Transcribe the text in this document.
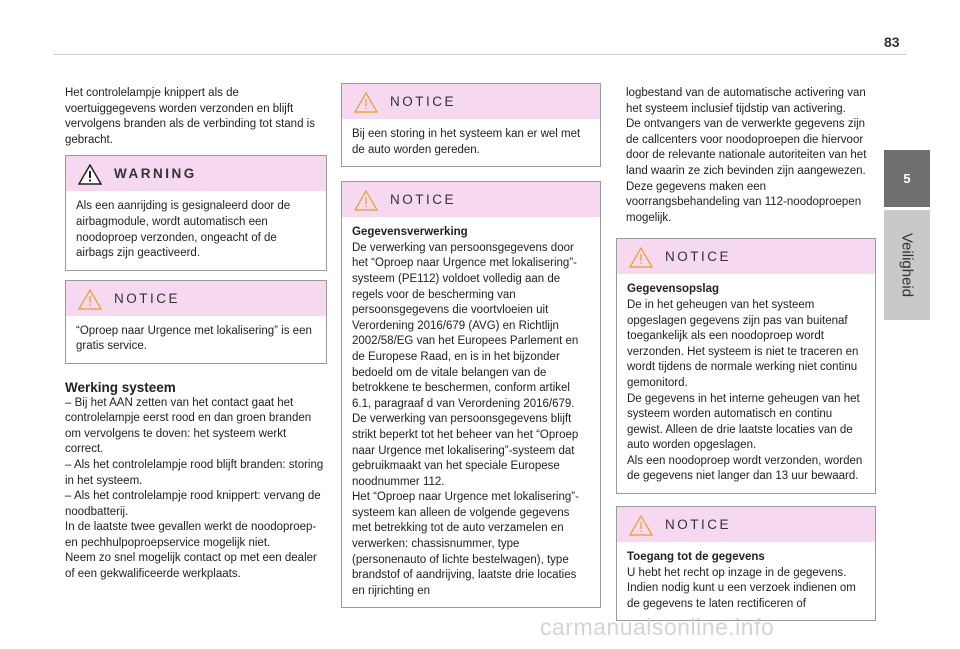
83
5
Veiligheid

Het controlelampje knippert als de voertuiggegevens worden verzonden en blijft vervolgens branden als de verbinding tot stand is gebracht.

WARNING

Als een aanrijding is gesignaleerd door de airbagmodule, wordt automatisch een noodoproep verzonden, ongeacht of de airbags zijn geactiveerd.

NOTICE

“Oproep naar Urgence met lokalisering” is een gratis service.

Werking systeem

– Bij het AAN zetten van het contact gaat het controlelampje eerst rood en dan groen branden om vervolgens te doven: het systeem werkt correct.

– Als het controlelampje rood blijft branden: storing in het systeem.

– Als het controlelampje rood knippert: vervang de noodbatterij.

In de laatste twee gevallen werkt de noodoproep-en pechhulpoproepservice mogelijk niet.

Neem zo snel mogelijk contact op met een dealer of een gekwalificeerde werkplaats.

NOTICE

Bij een storing in het systeem kan er wel met de auto worden gereden.

NOTICE

Gegevensverwerking

De verwerking van persoonsgegevens door het “Oproep naar Urgence met lokalisering”-systeem (PE112) voldoet volledig aan de regels voor de bescherming van persoonsgegevens die voortvloeien uit Verordening 2016/679 (AVG) en Richtlijn 2002/58/EG van het Europees Parlement en de Europese Raad, en is in het bijzonder bedoeld om de vitale belangen van de betrokkene te beschermen, conform artikel 6.1, paragraaf d van Verordening 2016/679.

De verwerking van persoonsgegevens blijft strikt beperkt tot het beheer van het “Oproep naar Urgence met lokalisering”-systeem dat gebruikmaakt van het speciale Europese noodnummer 112.

Het “Oproep naar Urgence met lokalisering”-systeem kan alleen de volgende gegevens met betrekking tot de auto verzamelen en verwerken: chassisnummer, type (personenauto of lichte bestelwagen), type brandstof of aandrijving, laatste drie locaties en rijrichting en

logbestand van de automatische activering van het systeem inclusief tijdstip van activering.

De ontvangers van de verwerkte gegevens zijn de callcenters voor noodoproepen die hiervoor door de relevante nationale autoriteiten van het land waarin ze zich bevinden zijn aangewezen. Deze gegevens maken een voorrangsbehandeling van 112-noodoproepen mogelijk.

NOTICE

Gegevensopslag

De in het geheugen van het systeem opgeslagen gegevens zijn pas van buitenaf toegankelijk als een noodoproep wordt verzonden. Het systeem is niet te traceren en wordt tijdens de normale werking niet continu gemonitord.

De gegevens in het interne geheugen van het systeem worden automatisch en continu gewist. Alleen de drie laatste locaties van de auto worden opgeslagen.

Als een noodoproep wordt verzonden, worden de gegevens niet langer dan 13 uur bewaard.

NOTICE

Toegang tot de gegevens

U hebt het recht op inzage in de gegevens. Indien nodig kunt u een verzoek indienen om de gegevens te laten rectificeren of

carmanualsonline.info
